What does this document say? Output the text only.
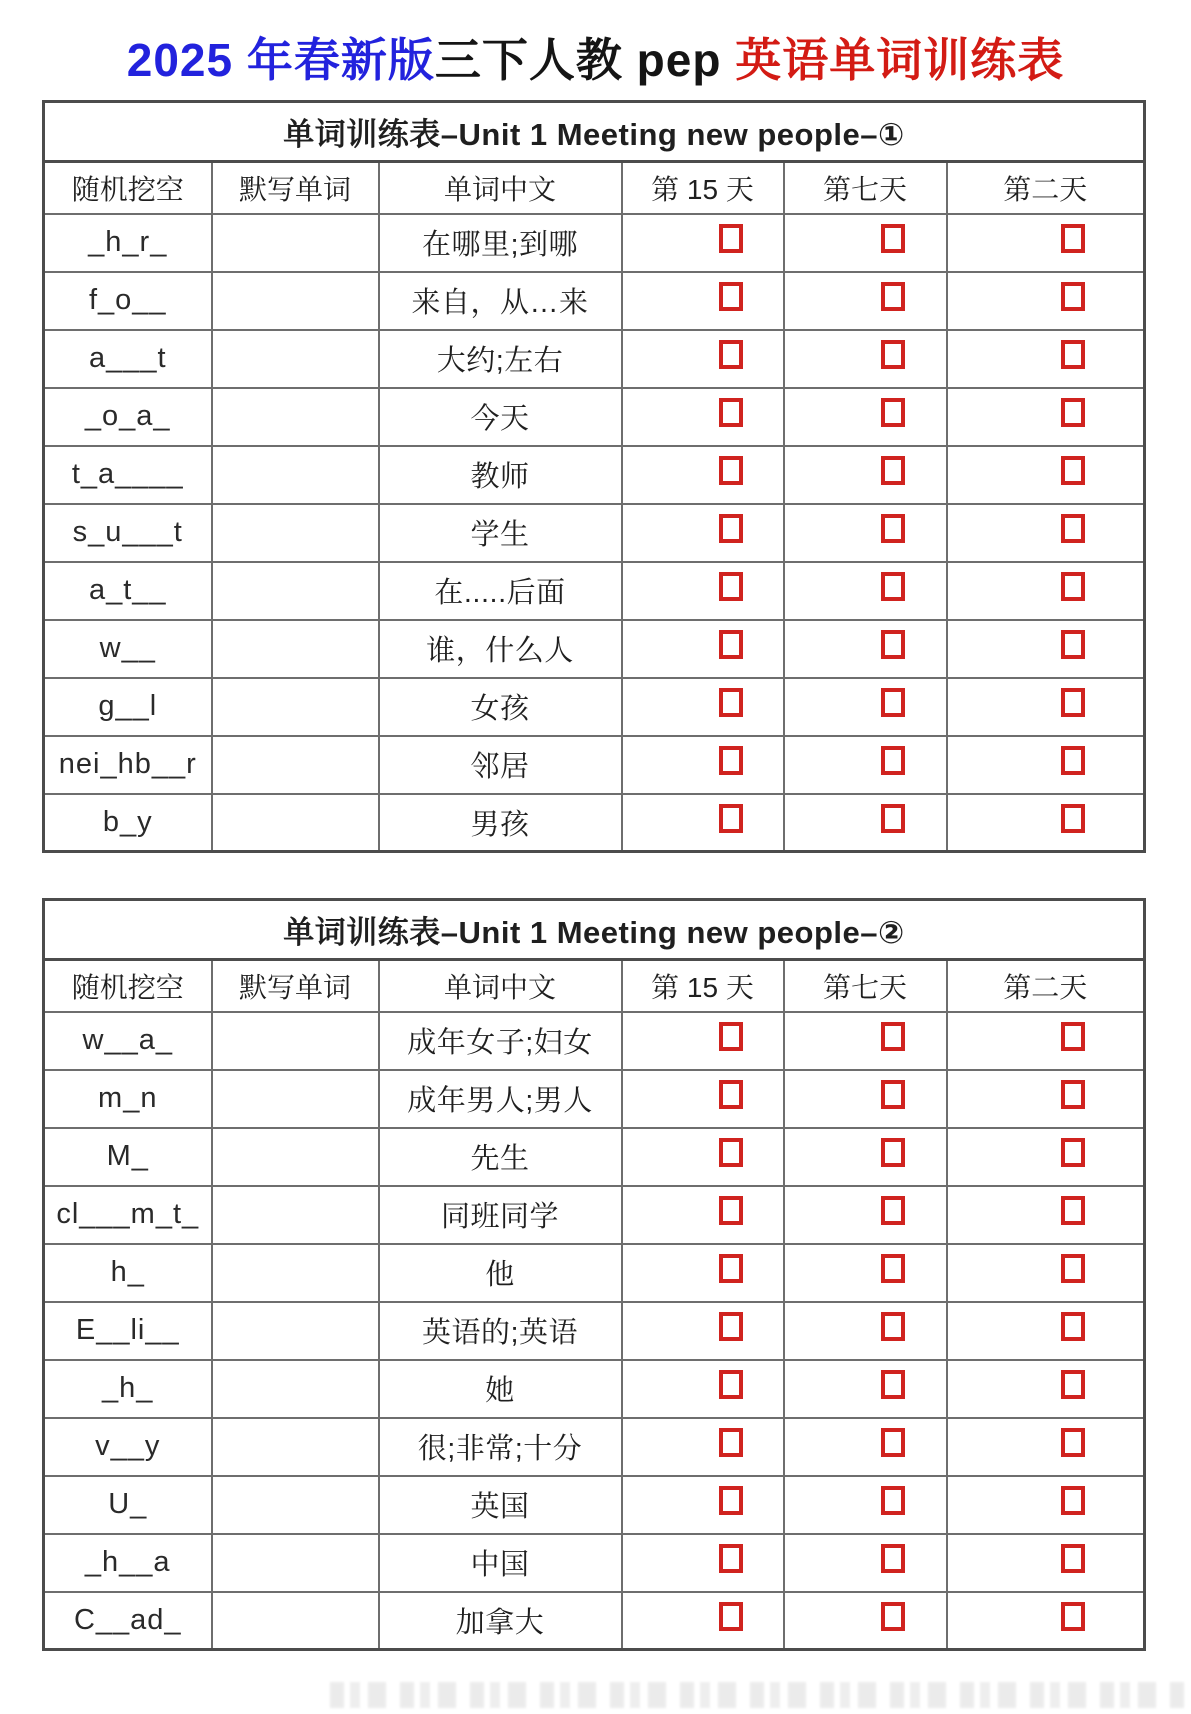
2025 年春新版三下人教 pep 英语单词训练表
单词训练表–Unit 1 Meeting new people–①					
随机挖空	默写单词	单词中文	第 15 天	第七天	第二天
_h_r_		在哪里;到哪			
f_o__		来自，从…来			
a___t		大约;左右			
_o_a_		今天			
t_a____		教师			
s_u___t		学生			
a_t__		在.....后面			
w__		谁，什么人			
g__l		女孩			
nei_hb__r		邻居			
b_y		男孩			
单词训练表–Unit 1 Meeting new people–②					
随机挖空	默写单词	单词中文	第 15 天	第七天	第二天
w__a_		成年女子;妇女			
m_n		成年男人;男人			
M_		先生			
cl___m_t_		同班同学			
h_		他			
E__li__		英语的;英语			
_h_		她			
v__y		很;非常;十分			
U_		英国			
_h__a		中国			
C__ad_		加拿大			
